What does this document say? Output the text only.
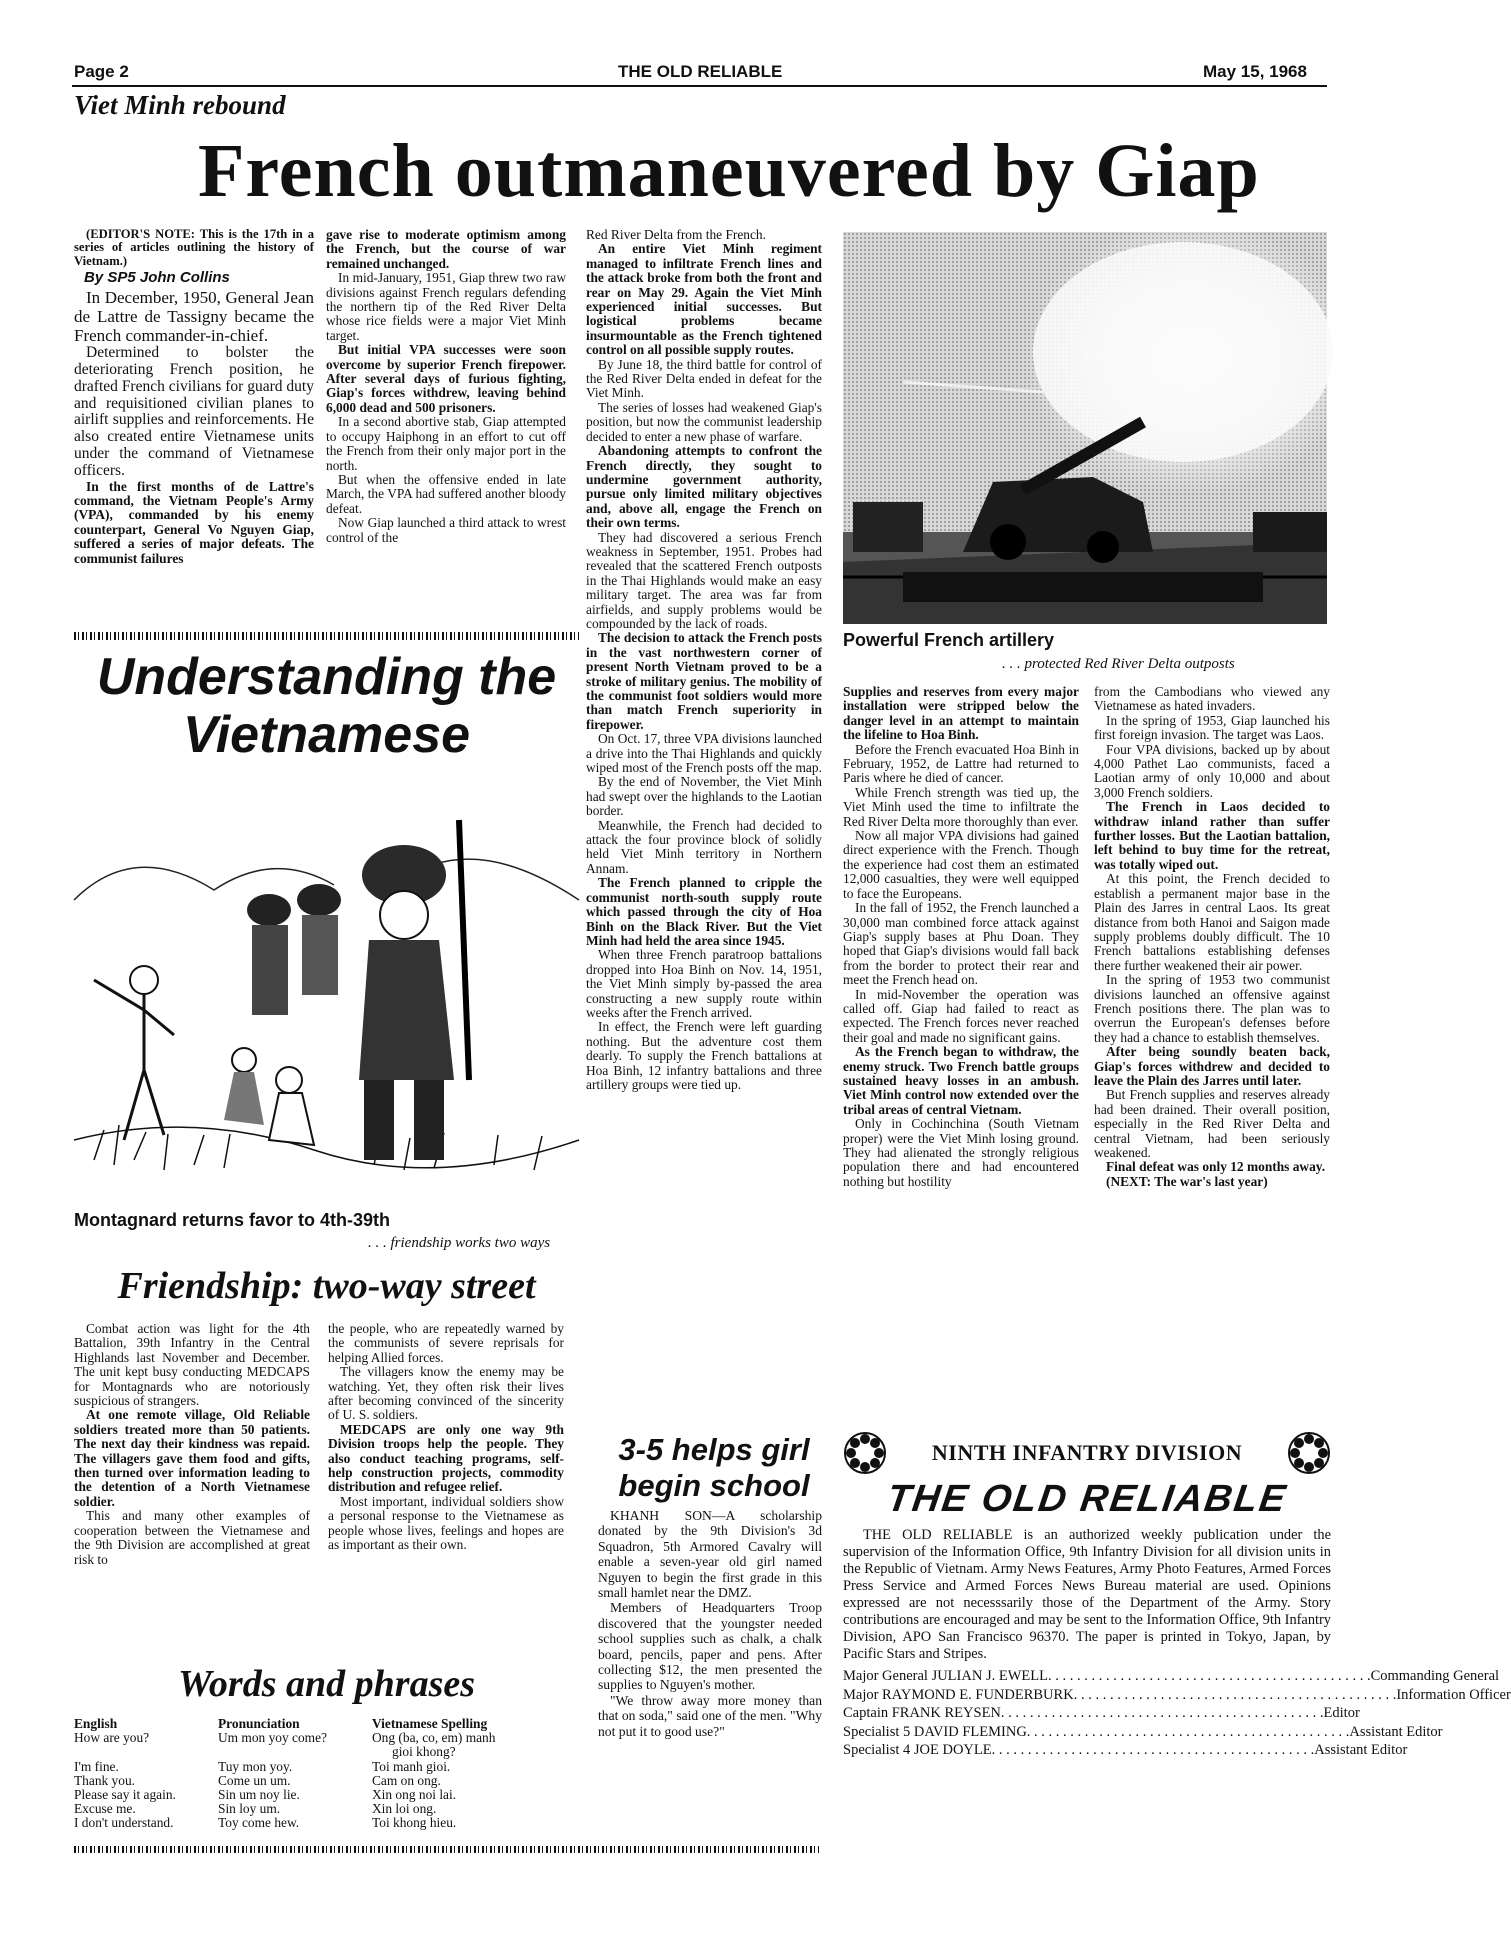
Page 2	THE OLD RELIABLE	May 15, 1968
Viet Minh rebound
French outmaneuvered by Giap

(EDITOR'S NOTE: This is the 17th in a series of articles outlining the history of Vietnam.)

By SP5 John Collins

In December, 1950, General Jean de Lattre de Tassigny became the French commander-in-chief.

Determined to bolster the deteriorating French position, he drafted French civilians for guard duty and requisitioned civilian planes to airlift supplies and reinforcements. He also created entire Vietnamese units under the command of Vietnamese officers.

In the first months of de Lattre's command, the Vietnam People's Army (VPA), commanded by his enemy counterpart, General Vo Nguyen Giap, suffered a series of major defeats. The communist failures

gave rise to moderate optimism among the French, but the course of war remained unchanged.

In mid-January, 1951, Giap threw two raw divisions against French regulars defending the northern tip of the Red River Delta whose rice fields were a major Viet Minh target.

But initial VPA successes were soon overcome by superior French firepower. After several days of furious fighting, Giap's forces withdrew, leaving behind 6,000 dead and 500 prisoners.

In a second abortive stab, Giap attempted to occupy Haiphong in an effort to cut off the French from their only major port in the north.

But when the offensive ended in late March, the VPA had suffered another bloody defeat.

Now Giap launched a third attack to wrest control of the

Red River Delta from the French.

An entire Viet Minh regiment managed to infiltrate French lines and the attack broke from both the front and rear on May 29. Again the Viet Minh experienced initial successes. But logistical problems became insurmountable as the French tightened control on all possible supply routes.

By June 18, the third battle for control of the Red River Delta ended in defeat for the Viet Minh.

The series of losses had weakened Giap's position, but now the communist leadership decided to enter a new phase of warfare.

Abandoning attempts to confront the French directly, they sought to undermine government authority, pursue only limited military objectives and, above all, engage the French on their own terms.

They had discovered a serious French weakness in September, 1951. Probes had revealed that the scattered French outposts in the Thai Highlands would make an easy military target. The area was far from airfields, and supply problems would be compounded by the lack of roads.

The decision to attack the French posts in the vast northwestern corner of present North Vietnam proved to be a stroke of military genius. The mobility of the communist foot soldiers would more than match French superiority in firepower.

On Oct. 17, three VPA divisions launched a drive into the Thai Highlands and quickly wiped most of the French posts off the map.

By the end of November, the Viet Minh had swept over the highlands to the Laotian border.

Meanwhile, the French had decided to attack the four province block of solidly held Viet Minh territory in Northern Annam.

The French planned to cripple the communist north-south supply route which passed through the city of Hoa Binh on the Black River. But the Viet Minh had held the area since 1945.

When three French paratroop battalions dropped into Hoa Binh on Nov. 14, 1951, the Viet Minh simply by-passed the area constructing a new supply route within weeks after the French arrived.

In effect, the French were left guarding nothing. But the adventure cost them dearly. To supply the French battalions at Hoa Binh, 12 infantry battalions and three artillery groups were tied up.

Powerful French artillery
. . . protected Red River Delta outposts

Supplies and reserves from every major installation were stripped below the danger level in an attempt to maintain the lifeline to Hoa Binh.

Before the French evacuated Hoa Binh in February, 1952, de Lattre had returned to Paris where he died of cancer.

While French strength was tied up, the Viet Minh used the time to infiltrate the Red River Delta more thoroughly than ever.

Now all major VPA divisions had gained direct experience with the French. Though the experience had cost them an estimated 12,000 casualties, they were well equipped to face the Europeans.

In the fall of 1952, the French launched a 30,000 man combined force attack against Giap's supply bases at Phu Doan. They hoped that Giap's divisions would fall back from the border to protect their rear and meet the French head on.

In mid-November the operation was called off. Giap had failed to react as expected. The French forces never reached their goal and made no significant gains.

As the French began to withdraw, the enemy struck. Two French battle groups sustained heavy losses in an ambush. Viet Minh control now extended over the tribal areas of central Vietnam.

Only in Cochinchina (South Vietnam proper) were the Viet Minh losing ground. They had alienated the strongly religious population there and had encountered nothing but hostility

from the Cambodians who viewed any Vietnamese as hated invaders.

In the spring of 1953, Giap launched his first foreign invasion. The target was Laos.

Four VPA divisions, backed up by about 4,000 Pathet Lao communists, faced a Laotian army of only 10,000 and about 3,000 French soldiers.

The French in Laos decided to withdraw inland rather than suffer further losses. But the Laotian battalion, left behind to buy time for the retreat, was totally wiped out.

At this point, the French decided to establish a permanent major base in the Plain des Jarres in central Laos. Its great distance from both Hanoi and Saigon made supply problems doubly difficult. The 10 French battalions establishing defenses there further weakened their air power.

In the spring of 1953 two communist divisions launched an offensive against French positions there. The plan was to overrun the European's defenses before they had a chance to establish themselves.

After being soundly beaten back, Giap's forces withdrew and decided to leave the Plain des Jarres until later.

But French supplies and reserves already had been drained. Their overall position, especially in the Red River Delta and central Vietnam, had been seriously weakened.

Final defeat was only 12 months away.

(NEXT: The war's last year)

Understanding the
Vietnamese
Montagnard returns favor to 4th-39th
. . . friendship works two ways
Friendship: two-way street

Combat action was light for the 4th Battalion, 39th Infantry in the Central Highlands last November and December. The unit kept busy conducting MEDCAPS for Montagnards who are notoriously suspicious of strangers.

At one remote village, Old Reliable soldiers treated more than 50 patients. The next day their kindness was repaid. The villagers gave them food and gifts, then turned over information leading to the detention of a North Vietnamese soldier.

This and many other examples of cooperation between the Vietnamese and the 9th Division are accomplished at great risk to

the people, who are repeatedly warned by the communists of severe reprisals for helping Allied forces.

The villagers know the enemy may be watching. Yet, they often risk their lives after becoming convinced of the sincerity of U. S. soldiers.

MEDCAPS are only one way 9th Division troops help the people. They also conduct teaching programs, self-help construction projects, commodity distribution and refugee relief.

Most important, individual soldiers show a personal response to the Vietnamese as people whose lives, feelings and hopes are as important as their own.

Words and phrases
English	Pronunciation	Vietnamese Spelling
How are you?	Um mon yoy come?	Ong (ba, co, em) manh
		gioi khong?
I'm fine.	Tuy mon yoy.	Toi manh gioi.
Thank you.	Come un um.	Cam on ong.
Please say it again.	Sin um noy lie.	Xin ong noi lai.
Excuse me.	Sin loy um.	Xin loi ong.
I don't understand.	Toy come hew.	Toi khong hieu.
3-5 helps girl
begin school

KHANH SON—A scholarship donated by the 9th Division's 3d Squadron, 5th Armored Cavalry will enable a seven-year old girl named Nguyen to begin the first grade in this small hamlet near the DMZ.

Members of Headquarters Troop discovered that the youngster needed school supplies such as chalk, a chalk board, pencils, paper and pens. After collecting $12, the men presented the supplies to Nguyen's mother.

"We throw away more money than that on soda," said one of the men. "Why not put it to good use?"

NINTH INFANTRY DIVISION
THE OLD RELIABLE
THE OLD RELIABLE is an authorized weekly publication under the supervision of the Information Office, 9th Infantry Division for all division units in the Republic of Vietnam. Army News Features, Army Photo Features, Armed Forces Press Service and Armed Forces News Bureau material are used. Opinions expressed are not necesssarily those of the Department of the Army. Story contributions are encouraged and may be sent to the Information Office, 9th Infantry Division, APO San Francisco 96370. The paper is printed in Tokyo, Japan, by Pacific Stars and Stripes.
Major General JULIAN J. EWELL . . . . . . . . . . . . . . . . . . . . . . . . . . . . . . . . . . . . . . . . . . . . . Commanding General
Major RAYMOND E. FUNDERBURK . . . . . . . . . . . . . . . . . . . . . . . . . . . . . . . . . . . . . . . . . . . . . Information Officer
Captain FRANK REYSEN . . . . . . . . . . . . . . . . . . . . . . . . . . . . . . . . . . . . . . . . . . . . . Editor
Specialist 5 DAVID FLEMING . . . . . . . . . . . . . . . . . . . . . . . . . . . . . . . . . . . . . . . . . . . . . Assistant Editor
Specialist 4 JOE DOYLE . . . . . . . . . . . . . . . . . . . . . . . . . . . . . . . . . . . . . . . . . . . . . Assistant Editor
